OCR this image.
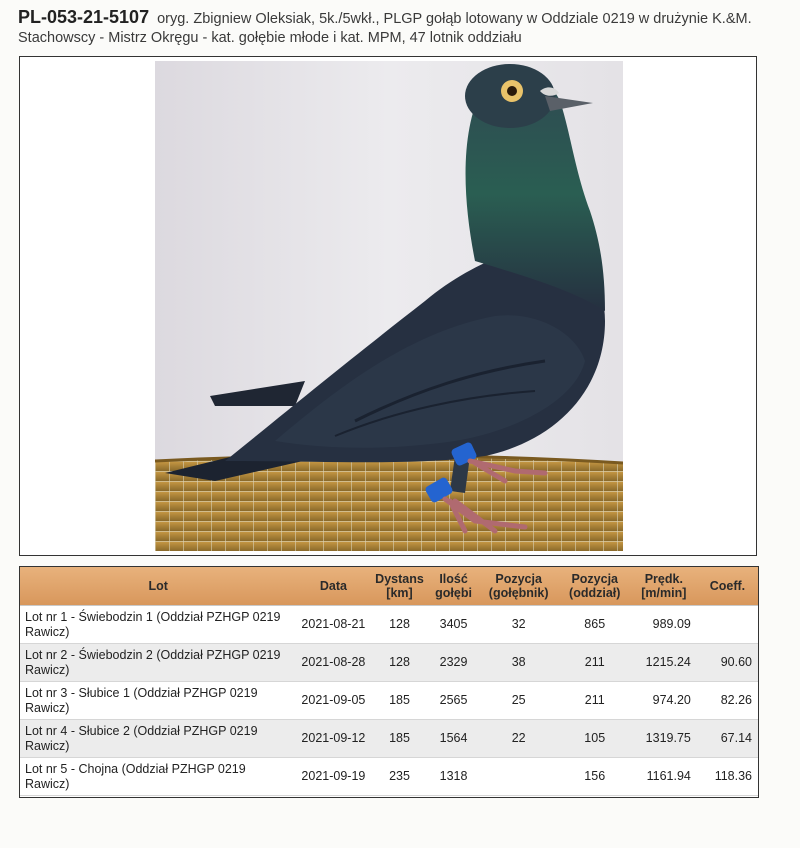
PL-053-21-5107 oryg. Zbigniew Oleksiak, 5k./5wkł., PLGP gołąb lotowany w Oddziale 0219 w drużynie K.&M. Stachowscy - Mistrz Okręgu - kat. gołębie młode i kat. MPM, 47 lotnik oddziału
Lot	Data	Dystans [km]	Ilość gołębi	Pozycja (gołębnik)	Pozycja (oddział)	Prędk. [m/min]	Coeff.
Lot nr 1 - Świebodzin 1 (Oddział PZHGP 0219 Rawicz)	2021-08-21	128	3405	32	865	989.09	
Lot nr 2 - Świebodzin 2 (Oddział PZHGP 0219 Rawicz)	2021-08-28	128	2329	38	211	1215.24	90.60
Lot nr 3 - Słubice 1 (Oddział PZHGP 0219 Rawicz)	2021-09-05	185	2565	25	211	974.20	82.26
Lot nr 4 - Słubice 2 (Oddział PZHGP 0219 Rawicz)	2021-09-12	185	1564	22	105	1319.75	67.14
Lot nr 5 - Chojna (Oddział PZHGP 0219 Rawicz)	2021-09-19	235	1318		156	1161.94	118.36
